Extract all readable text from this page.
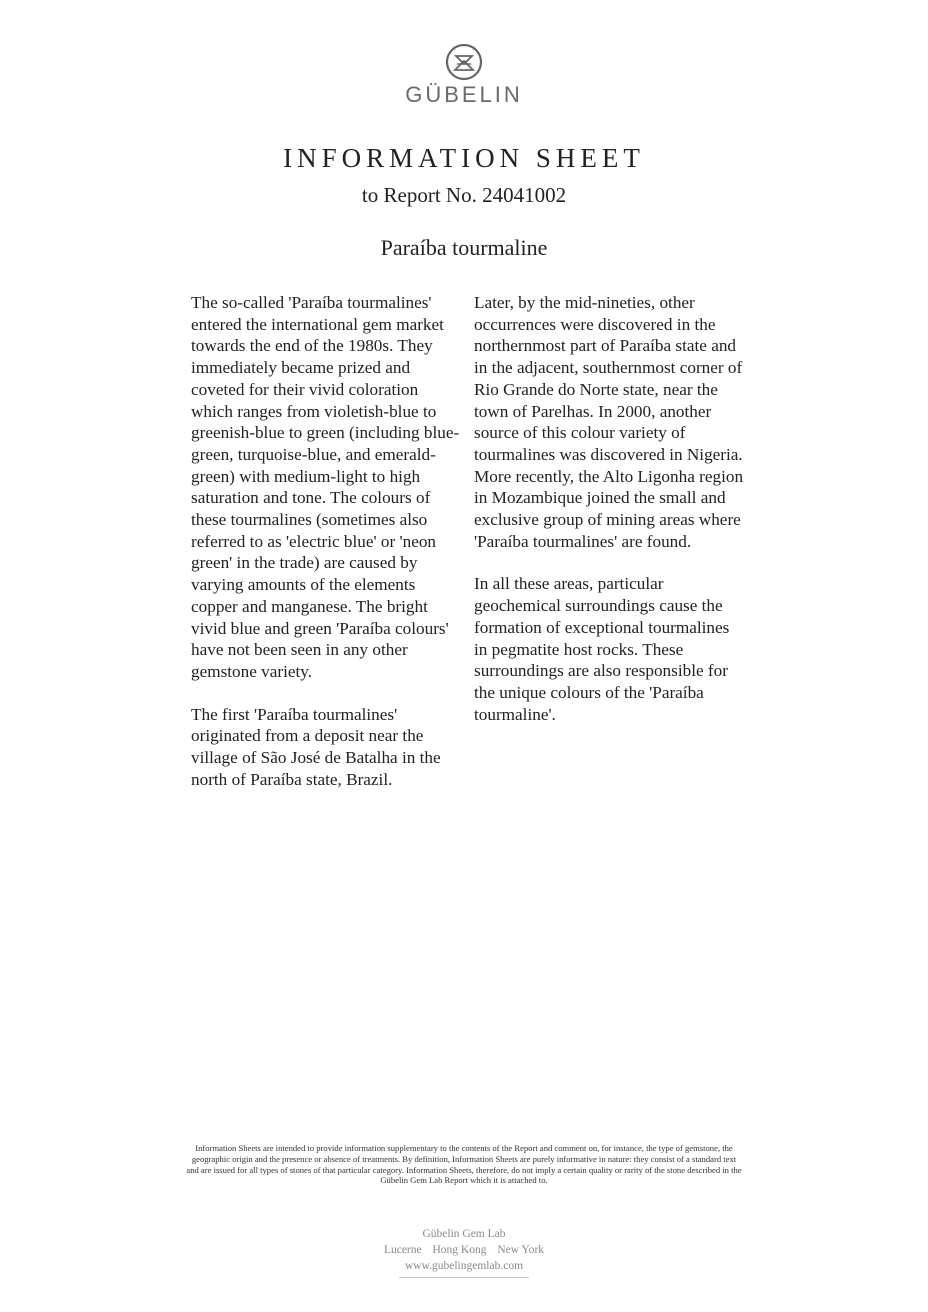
GÜBELIN
INFORMATION SHEET
to Report No. 24041002
Paraíba tourmaline

The so-called 'Paraíba tourmalines' entered the international gem market towards the end of the 1980s. They immediately became prized and coveted for their vivid coloration which ranges from violetish-blue to greenish-blue to green (including blue-green, turquoise-blue, and emerald-green) with medium-light to high saturation and tone. The colours of these tourmalines (sometimes also referred to as 'electric blue' or 'neon green' in the trade) are caused by varying amounts of the elements copper and manganese. The bright vivid blue and green 'Paraíba colours' have not been seen in any other gemstone variety.

The first 'Paraíba tourmalines' originated from a deposit near the village of São José de Batalha in the north of Paraíba state, Brazil.

Later, by the mid-nineties, other occurrences were discovered in the northernmost part of Paraíba state and in the adjacent, southernmost corner of Rio Grande do Norte state, near the town of Parelhas. In 2000, another source of this colour variety of tourmalines was discovered in Nigeria. More recently, the Alto Ligonha region in Mozambique joined the small and exclusive group of mining areas where 'Paraíba tourmalines' are found.

In all these areas, particular geochemical surroundings cause the formation of exceptional tourmalines in pegmatite host rocks. These surroundings are also responsible for the unique colours of the 'Paraíba tourmaline'.

Information Sheets are intended to provide information supplementary to the contents of the Report and comment on, for instance, the type of gemstone, the geographic origin and the presence or absence of treatments. By definition, Information Sheets are purely informative in nature: they consist of a standard text and are issued for all types of stones of that particular category. Information Sheets, therefore, do not imply a certain quality or rarity of the stone described in the Gübelin Gem Lab Report which it is attached to.
Gübelin Gem Lab
Lucerne Hong Kong New York
www.gubelingemlab.com
